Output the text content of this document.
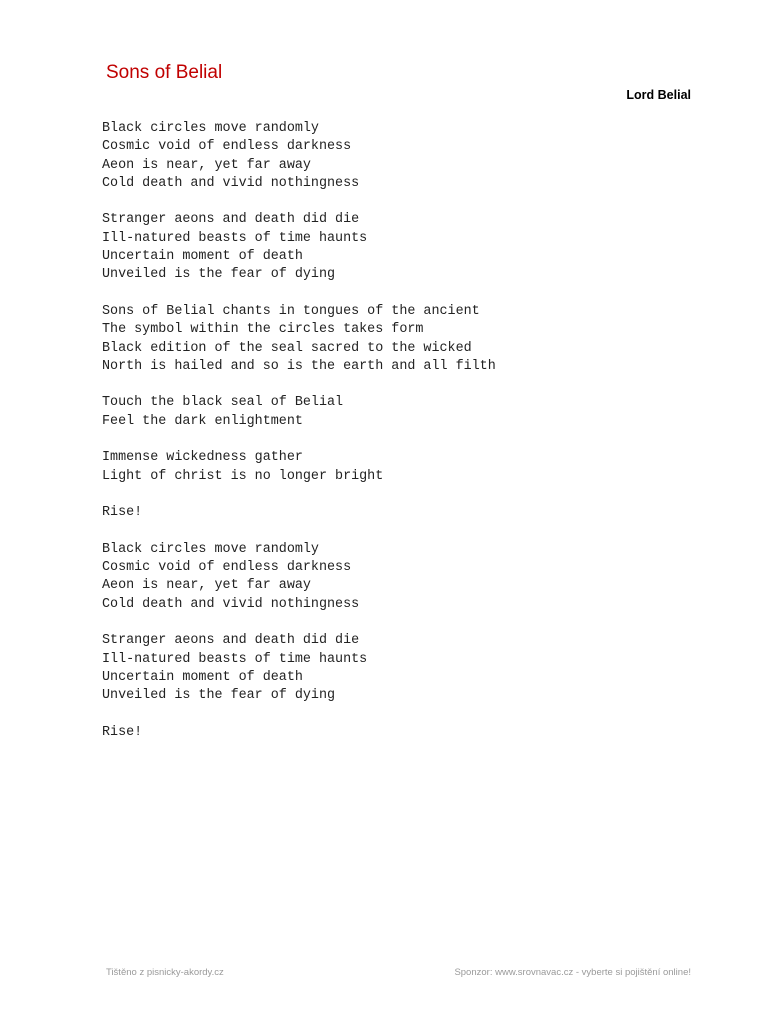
Sons of Belial
Lord Belial
Black circles move randomly
Cosmic void of endless darkness
Aeon is near, yet far away
Cold death and vivid nothingness
Stranger aeons and death did die
Ill-natured beasts of time haunts
Uncertain moment of death
Unveiled is the fear of dying
Sons of Belial chants in tongues of the ancient
The symbol within the circles takes form
Black edition of the seal sacred to the wicked
North is hailed and so is the earth and all filth
Touch the black seal of Belial
Feel the dark enlightment
Immense wickedness gather
Light of christ is no longer bright
Rise!
Black circles move randomly
Cosmic void of endless darkness
Aeon is near, yet far away
Cold death and vivid nothingness
Stranger aeons and death did die
Ill-natured beasts of time haunts
Uncertain moment of death
Unveiled is the fear of dying
Rise!
Tištěno z pisnicky-akordy.cz	Sponzor: www.srovnavac.cz - vyberte si pojištění online!
